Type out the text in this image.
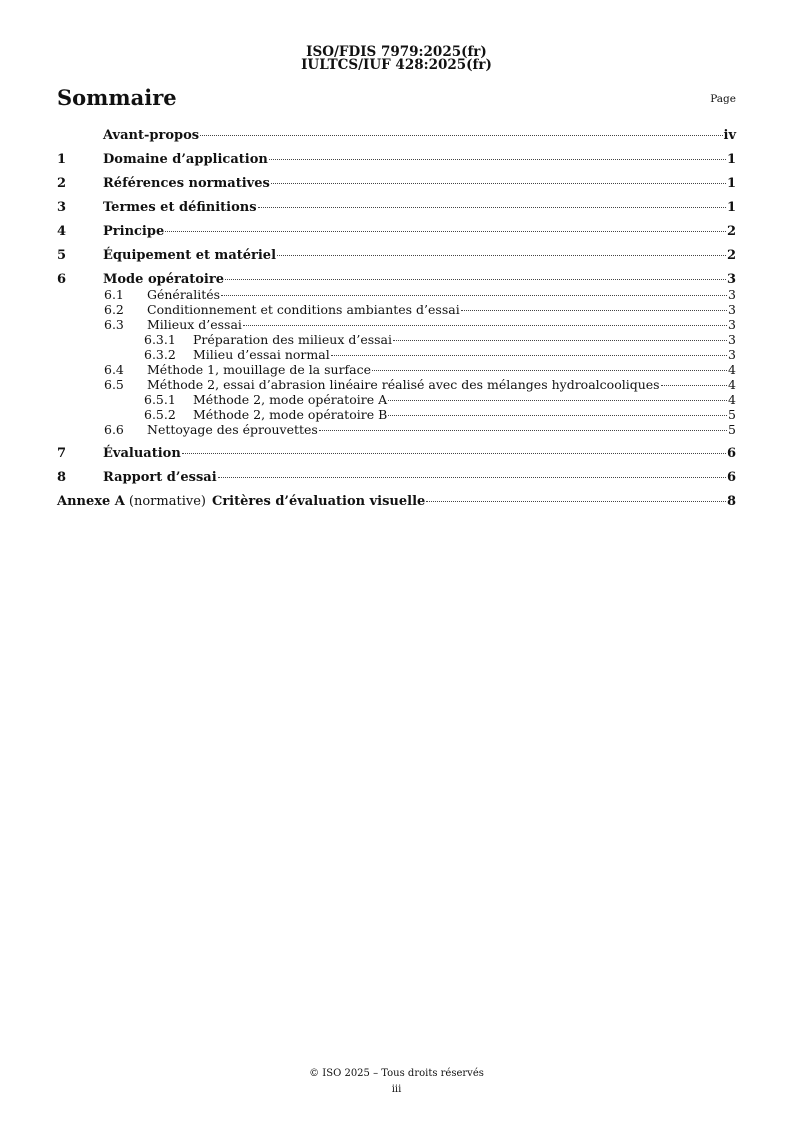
ISO/FDIS 7979:2025(fr)
IULTCS/IUF 428:2025(fr)
Sommaire	Page
Avant-propos	iv
1	Domaine d’application	1
2	Références normatives	1
3	Termes et définitions	1
4	Principe	2
5	Équipement et matériel	2
6	Mode opératoire	3
6.1	Généralités	3
6.2	Conditionnement et conditions ambiantes d’essai	3
6.3	Milieux d’essai	3
6.3.1	Préparation des milieux d’essai	3
6.3.2	Milieu d’essai normal	3
6.4	Méthode 1, mouillage de la surface	4
6.5	Méthode 2, essai d’abrasion linéaire réalisé avec des mélanges hydroalcooliques	4
6.5.1	Méthode 2, mode opératoire A	4
6.5.2	Méthode 2, mode opératoire B	5
6.6	Nettoyage des éprouvettes	5
7	Évaluation	6
8	Rapport d’essai	6
Annexe A (normative) Critères d’évaluation visuelle	8
© ISO 2025 – Tous droits réservés
iii
